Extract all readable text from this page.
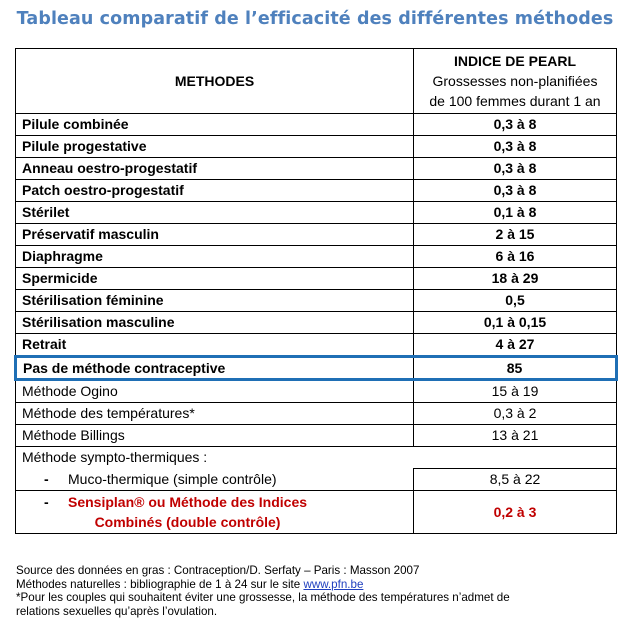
Tableau comparatif de l’efficacité des différentes méthodes
METHODES	INDICE DE PEARL
Grossesses non-planifiées
de 100 femmes durant 1 an

Pilule combinée	0,3 à 8
Pilule progestative	0,3 à 8
Anneau oestro-progestatif	0,3 à 8
Patch oestro-progestatif	0,3 à 8
Stérilet	0,1 à 8
Préservatif masculin	2 à 15
Diaphragme	6 à 16
Spermicide	18 à 29
Stérilisation féminine	0,5
Stérilisation masculine	0,1 à 0,15
Retrait	4 à 27
Pas de méthode contraceptive	85
Méthode Ogino	15 à 19
Méthode des températures*	0,3 à 2
Méthode Billings	13 à 21
Méthode sympto-thermiques :	
- Muco-thermique (simple contrôle)	8,5 à 22

- Sensiplan® ou Méthode des Indices
Combinés (double contrôle)	0,2 à 3

Source des données en gras : Contraception/D. Serfaty – Paris : Masson 2007

Méthodes naturelles : bibliographie de 1 à 24 sur le site www.pfn.be

*Pour les couples qui souhaitent éviter une grossesse, la méthode des températures n’admet de

relations sexuelles qu’après l’ovulation.
